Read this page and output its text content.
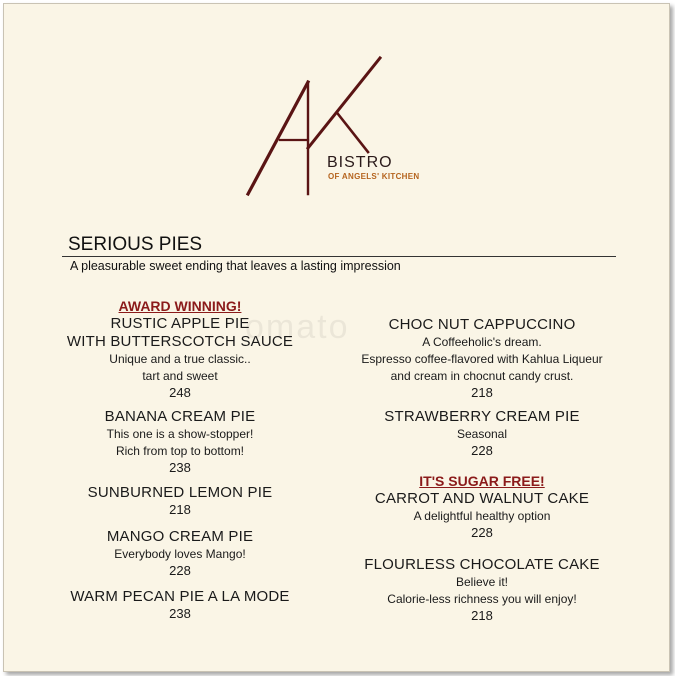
omato
BISTRO
OF ANGELS' KITCHEN
SERIOUS PIES
A pleasurable sweet ending that leaves a lasting impression
AWARD WINNING!
RUSTIC APPLE PIE
WITH BUTTERSCOTCH SAUCE
Unique and a true classic..
tart and sweet
248
BANANA CREAM PIE
This one is a show-stopper!
Rich from top to bottom!
238
SUNBURNED LEMON PIE
218
MANGO CREAM PIE
Everybody loves Mango!
228
WARM PECAN PIE A LA MODE
238
CHOC NUT CAPPUCCINO
A Coffeeholic's dream.
Espresso coffee-flavored with Kahlua Liqueur
and cream in chocnut candy crust.
218
STRAWBERRY CREAM PIE
Seasonal
228
IT'S SUGAR FREE!
CARROT AND WALNUT CAKE
A delightful healthy option
228
FLOURLESS CHOCOLATE CAKE
Believe it!
Calorie-less richness you will enjoy!
218
